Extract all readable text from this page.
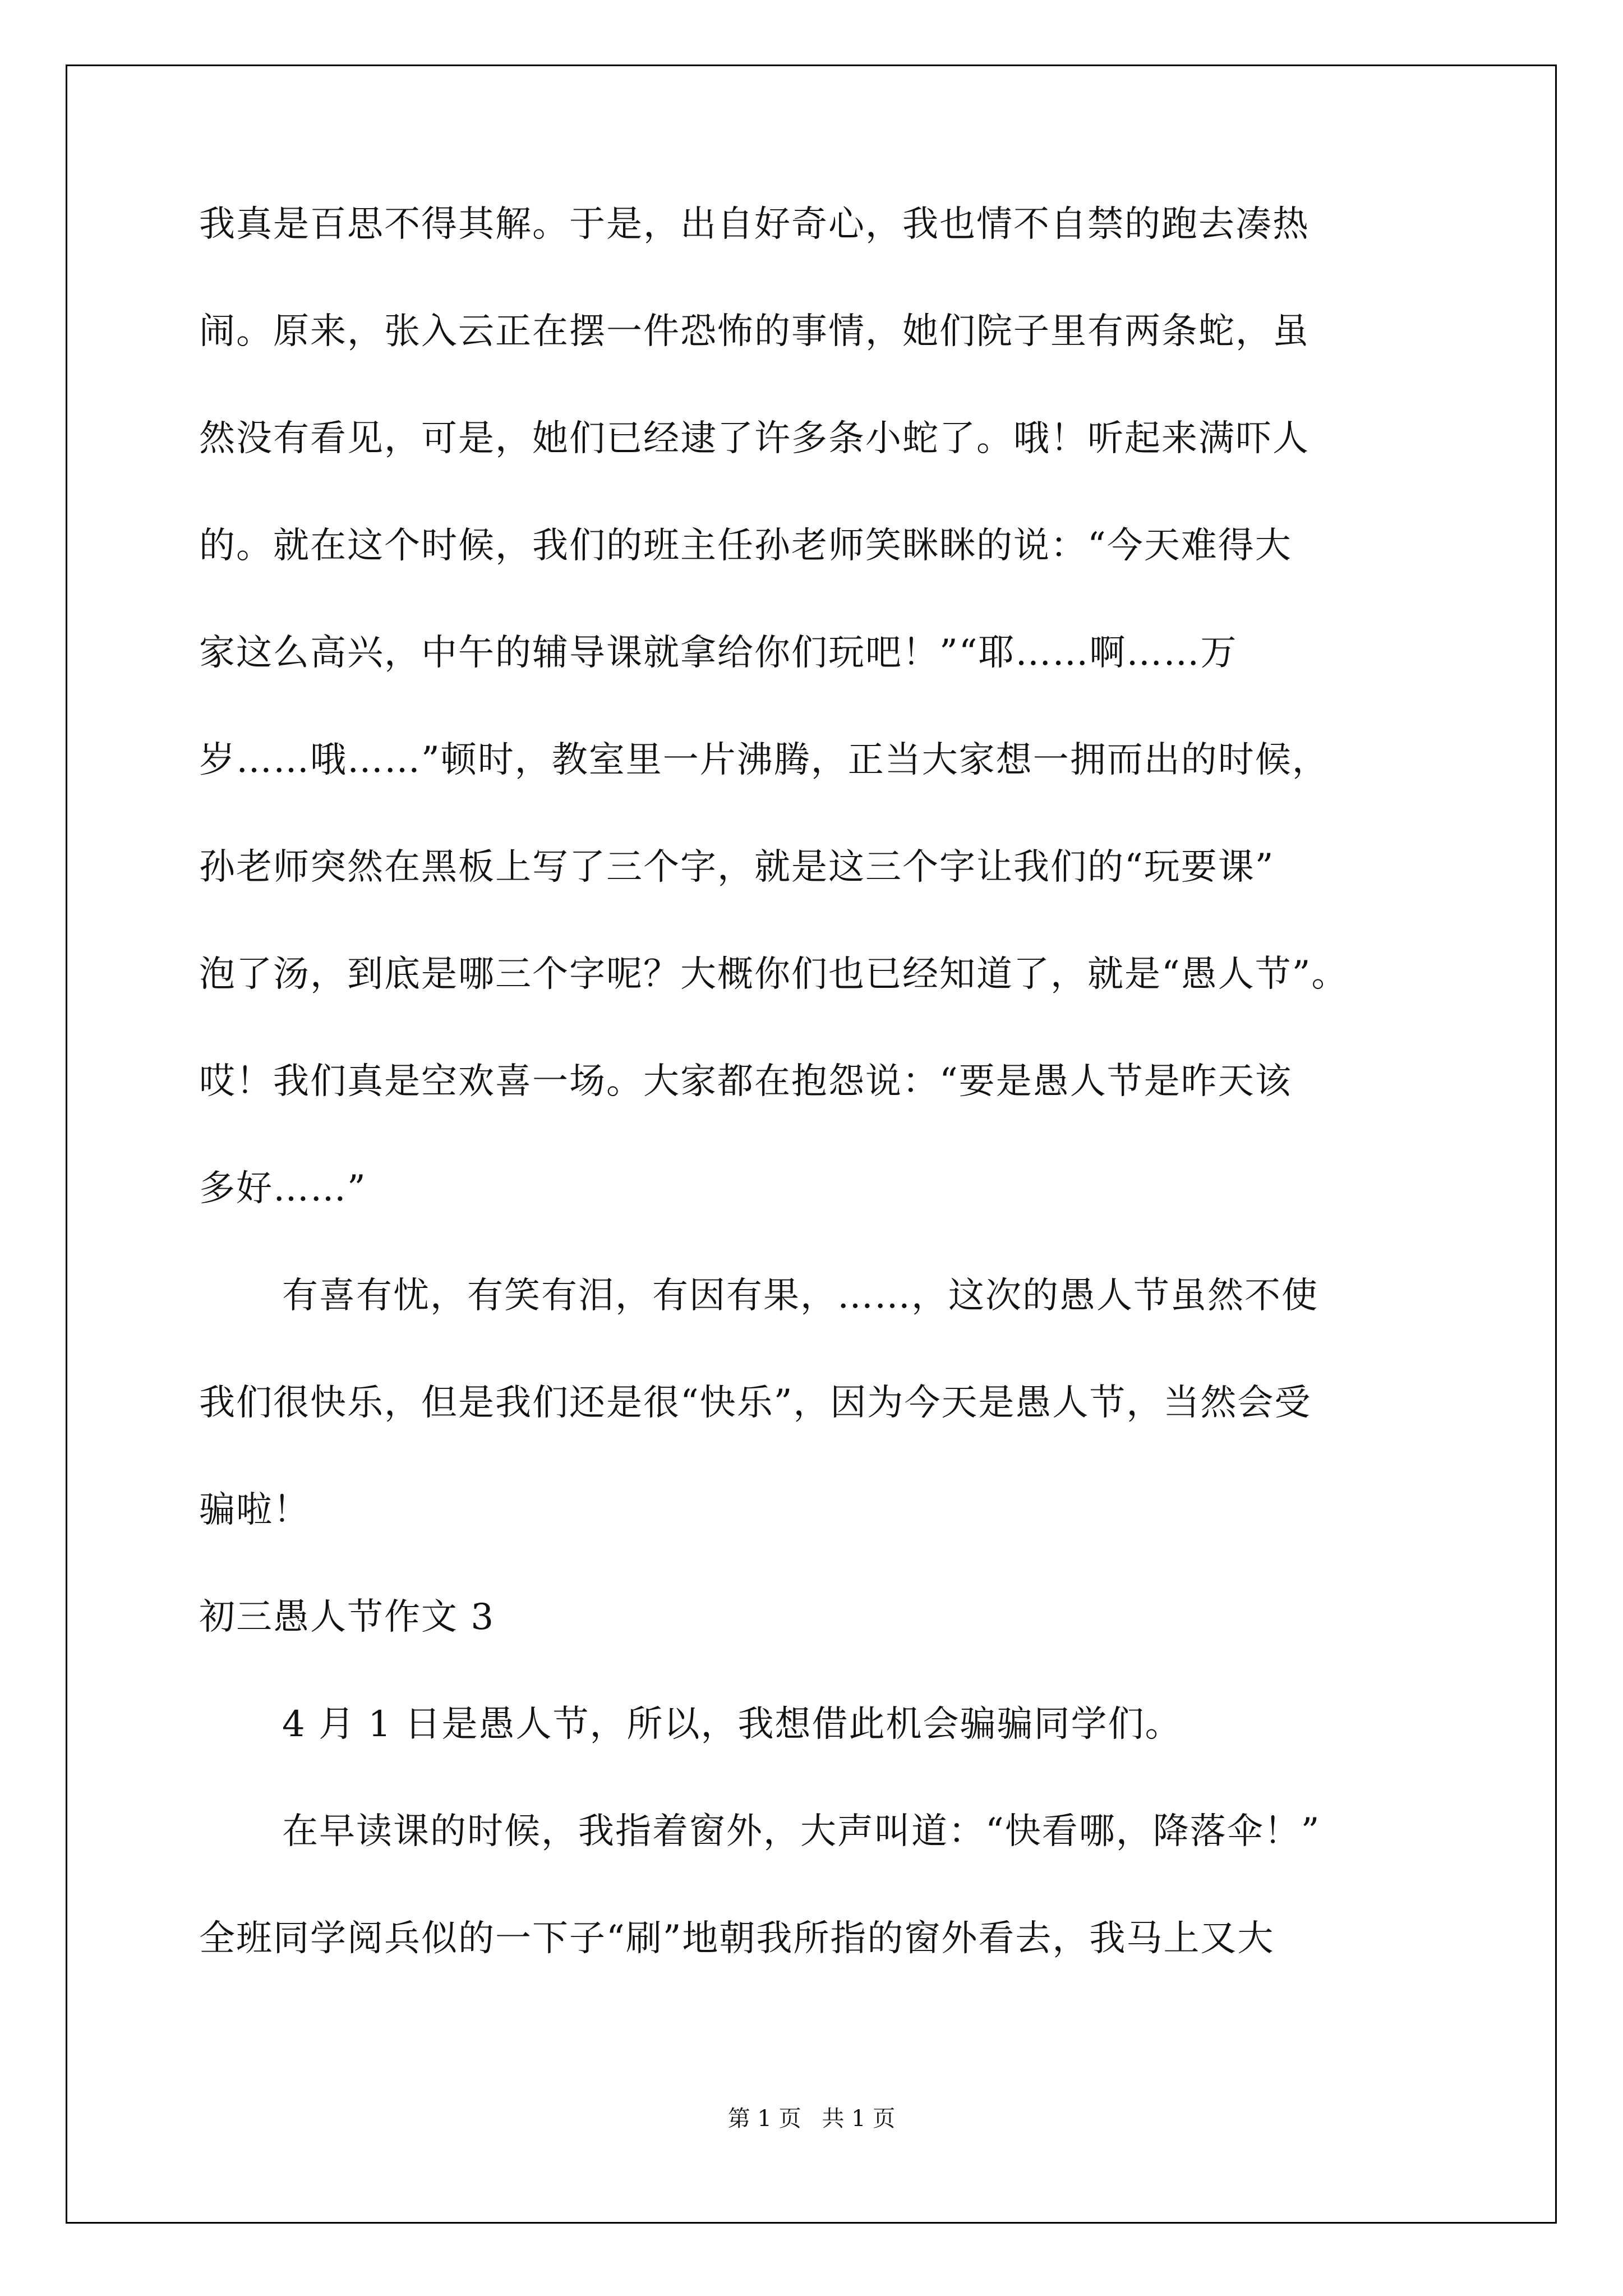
我真是百思不得其解。于是，出自好奇心，我也情不自禁的跑去凑热
闹。原来，张入云正在摆一件恐怖的事情，她们院子里有两条蛇，虽
然没有看见，可是，她们已经逮了许多条小蛇了。哦！听起来满吓人
的。就在这个时候，我们的班主任孙老师笑眯眯的说：“今天难得大
家这么高兴，中午的辅导课就拿给你们玩吧！”“耶……啊……万
岁……哦……”顿时，教室里一片沸腾，正当大家想一拥而出的时候，
孙老师突然在黑板上写了三个字，就是这三个字让我们的“玩要课”
泡了汤，到底是哪三个字呢？大概你们也已经知道了，就是“愚人节”。
哎！我们真是空欢喜一场。大家都在抱怨说：“要是愚人节是昨天该
多好……”
有喜有忧，有笑有泪，有因有果，……，这次的愚人节虽然不使
我们很快乐，但是我们还是很“快乐”，因为今天是愚人节，当然会受
骗啦！
初三愚人节作文 3
4 月 1 日是愚人节，所以，我想借此机会骗骗同学们。
在早读课的时候，我指着窗外，大声叫道：“快看哪，降落伞！”
全班同学阅兵似的一下子“刷”地朝我所指的窗外看去，我马上又大
第 1 页 共 1 页
